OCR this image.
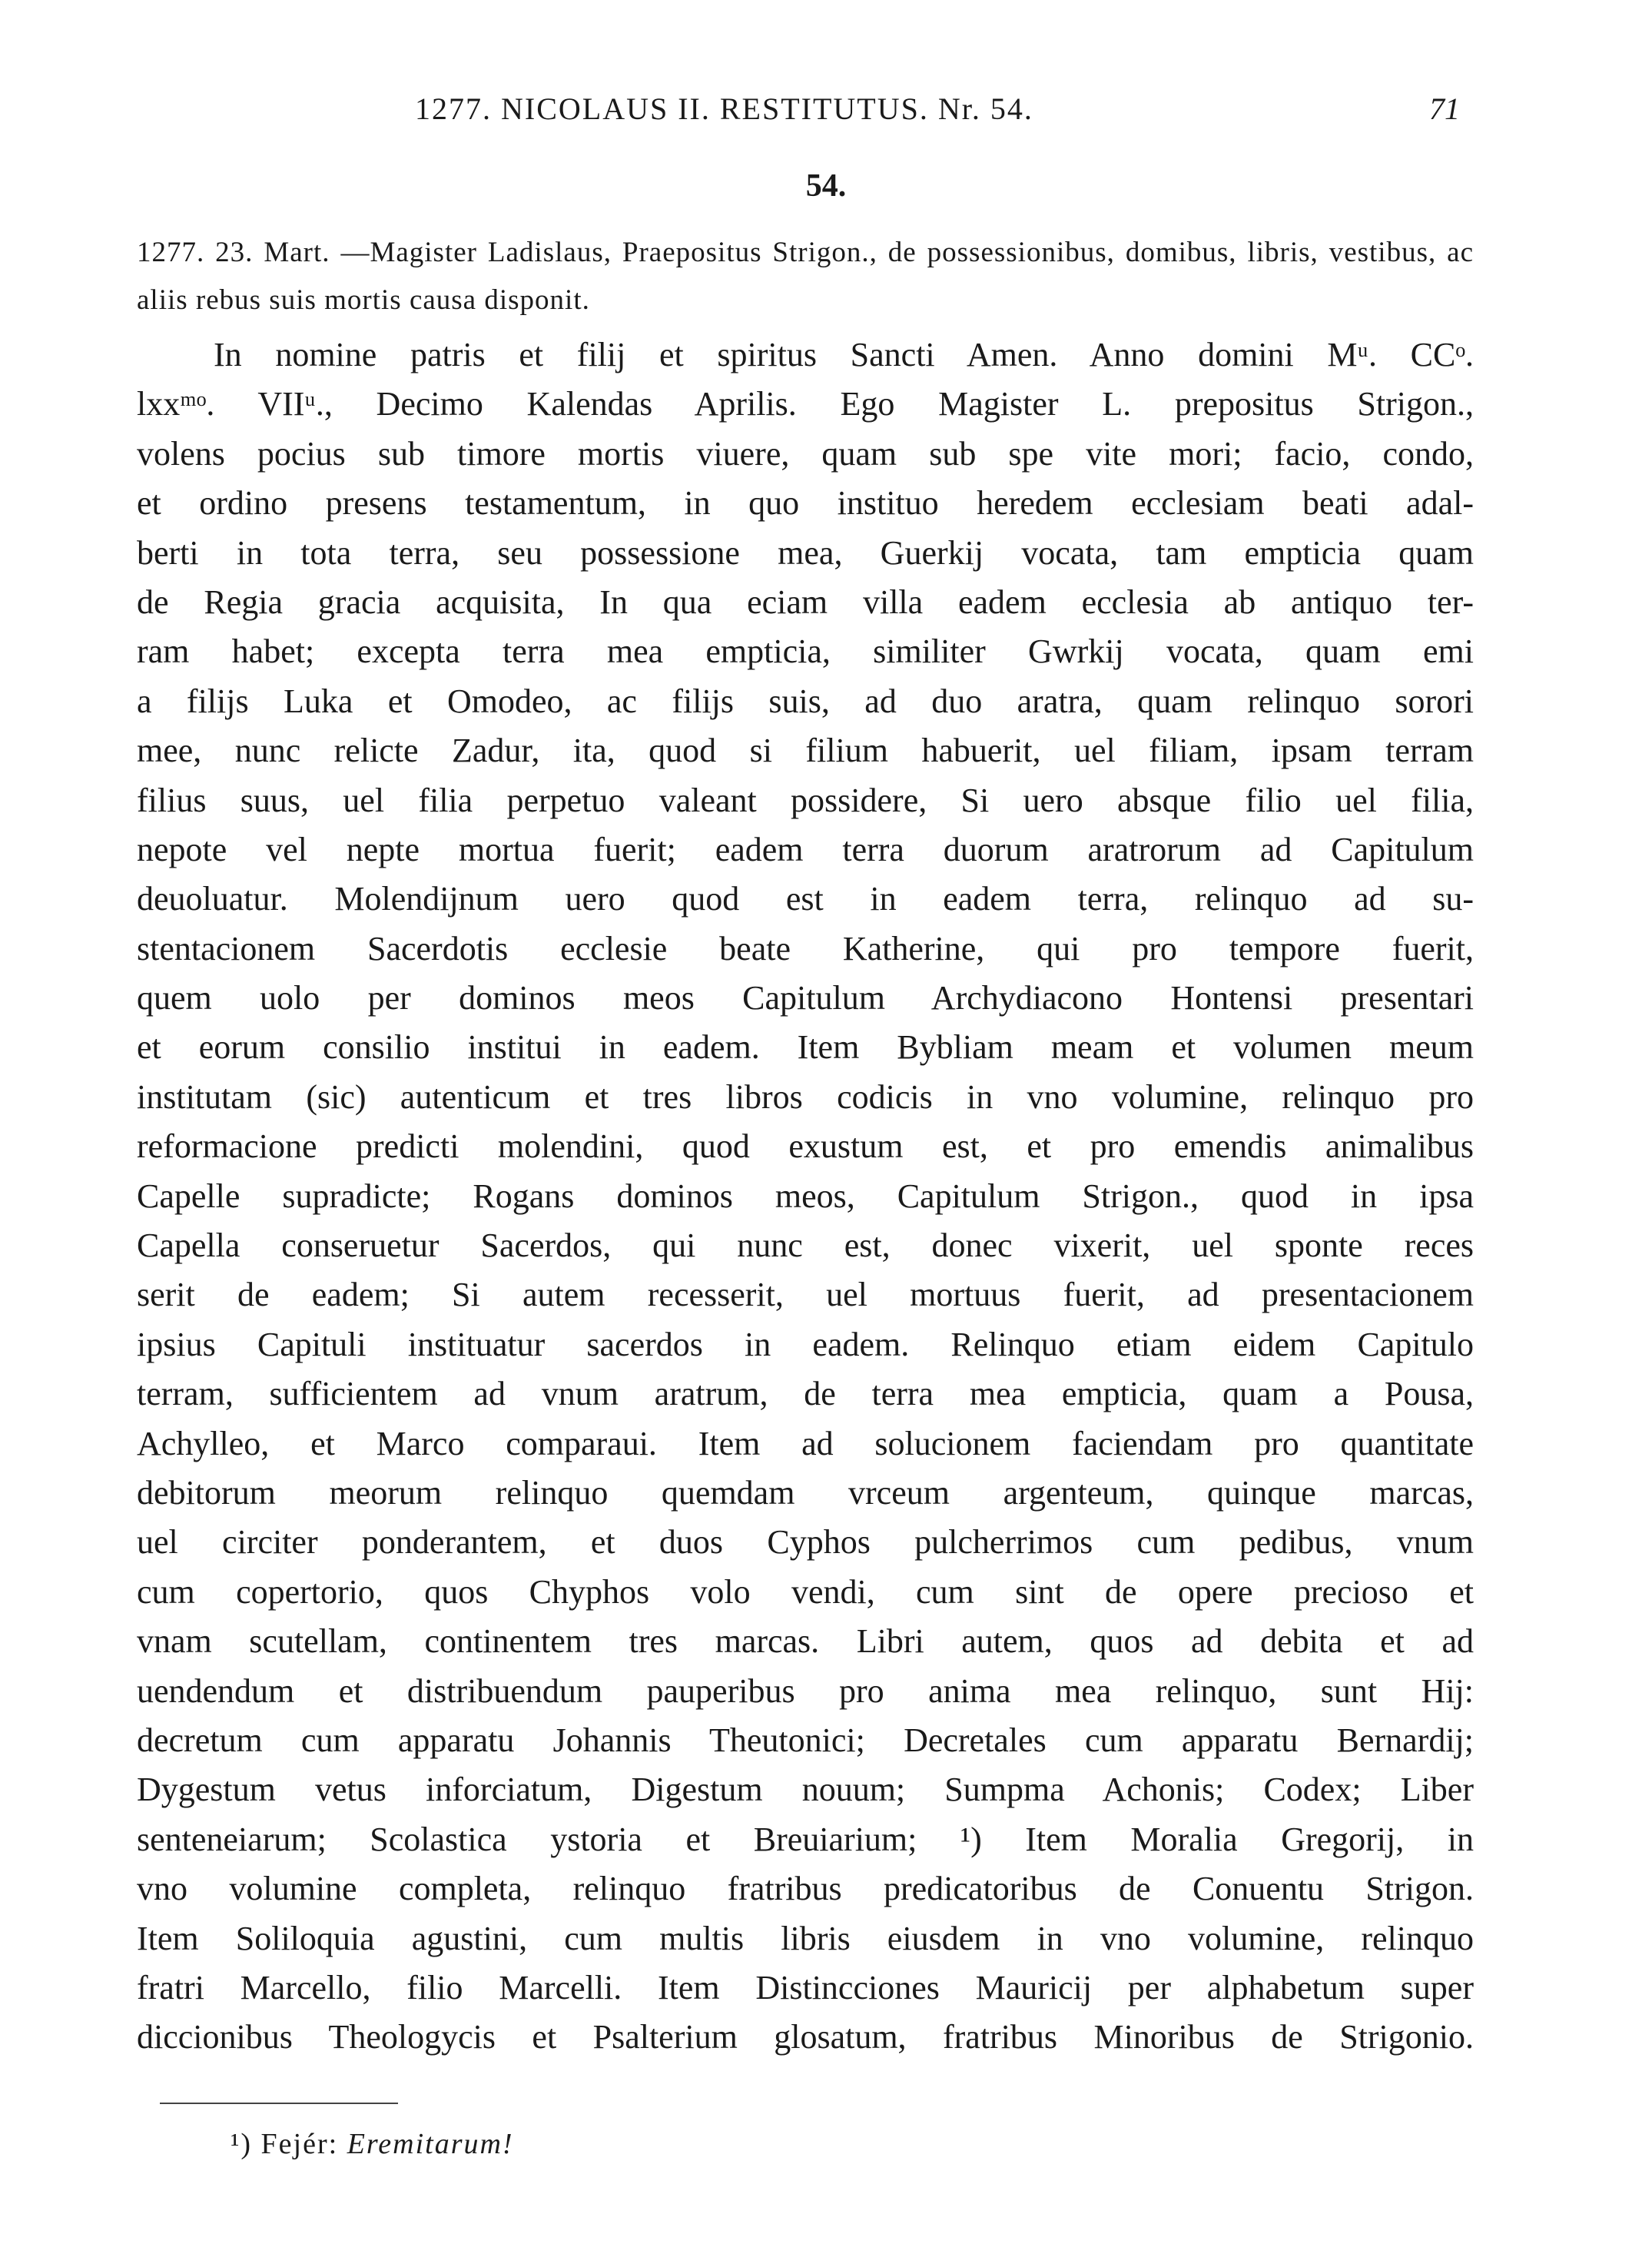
1277. NICOLAUS II. RESTITUTUS. Nr. 54.	71
54.
1277. 23. Mart. —Magister Ladislaus, Praepositus Strigon., de possessionibus, domibus, libris, vestibus, ac aliis rebus suis mortis causa disponit.
In nomine patris et filij et spiritus Sancti Amen. Anno domini Mᵘ. CCᵒ.
lxxᵐᵒ. VIIᵘ., Decimo Kalendas Aprilis. Ego Magister L. prepositus Strigon.,
volens pocius sub timore mortis viuere, quam sub spe vite mori; facio, condo,
et ordino presens testamentum, in quo instituo heredem ecclesiam beati adal-
berti in tota terra, seu possessione mea, Guerkij vocata, tam empticia quam
de Regia gracia acquisita, In qua eciam villa eadem ecclesia ab antiquo ter-
ram habet; excepta terra mea empticia, similiter Gwrkij vocata, quam emi
a filijs Luka et Omodeo, ac filijs suis, ad duo aratra, quam relinquo sorori
mee, nunc relicte Zadur, ita, quod si filium habuerit, uel filiam, ipsam terram
filius suus, uel filia perpetuo valeant possidere, Si uero absque filio uel filia,
nepote vel nepte mortua fuerit; eadem terra duorum aratrorum ad Capitulum
deuoluatur. Molendijnum uero quod est in eadem terra, relinquo ad su-
stentacionem Sacerdotis ecclesie beate Katherine, qui pro tempore fuerit,
quem uolo per dominos meos Capitulum Archydiacono Hontensi presentari
et eorum consilio institui in eadem. Item Bybliam meam et volumen meum
institutam (sic) autenticum et tres libros codicis in vno volumine, relinquo pro
reformacione predicti molendini, quod exustum est, et pro emendis animalibus
Capelle supradicte; Rogans dominos meos, Capitulum Strigon., quod in ipsa
Capella conseruetur Sacerdos, qui nunc est, donec vixerit, uel sponte reces
serit de eadem; Si autem recesserit, uel mortuus fuerit, ad presentacionem
ipsius Capituli instituatur sacerdos in eadem. Relinquo etiam eidem Capitulo
terram, sufficientem ad vnum aratrum, de terra mea empticia, quam a Pousa,
Achylleo, et Marco comparaui. Item ad solucionem faciendam pro quantitate
debitorum meorum relinquo quemdam vrceum argenteum, quinque marcas,
uel circiter ponderantem, et duos Cyphos pulcherrimos cum pedibus, vnum
cum copertorio, quos Chyphos volo vendi, cum sint de opere precioso et
vnam scutellam, continentem tres marcas. Libri autem, quos ad debita et ad
uendendum et distribuendum pauperibus pro anima mea relinquo, sunt Hij:
decretum cum apparatu Johannis Theutonici; Decretales cum apparatu Bernardij;
Dygestum vetus inforciatum, Digestum nouum; Sumpma Achonis; Codex; Liber
senteneiarum; Scolastica ystoria et Breuiarium; ¹) Item Moralia Gregorij, in
vno volumine completa, relinquo fratribus predicatoribus de Conuentu Strigon.
Item Soliloquia agustini, cum multis libris eiusdem in vno volumine, relinquo
fratri Marcello, filio Marcelli. Item Distincciones Mauricij per alphabetum super
diccionibus Theologycis et Psalterium glosatum, fratribus Minoribus de Strigonio.
¹) Fejér: Eremitarum!
